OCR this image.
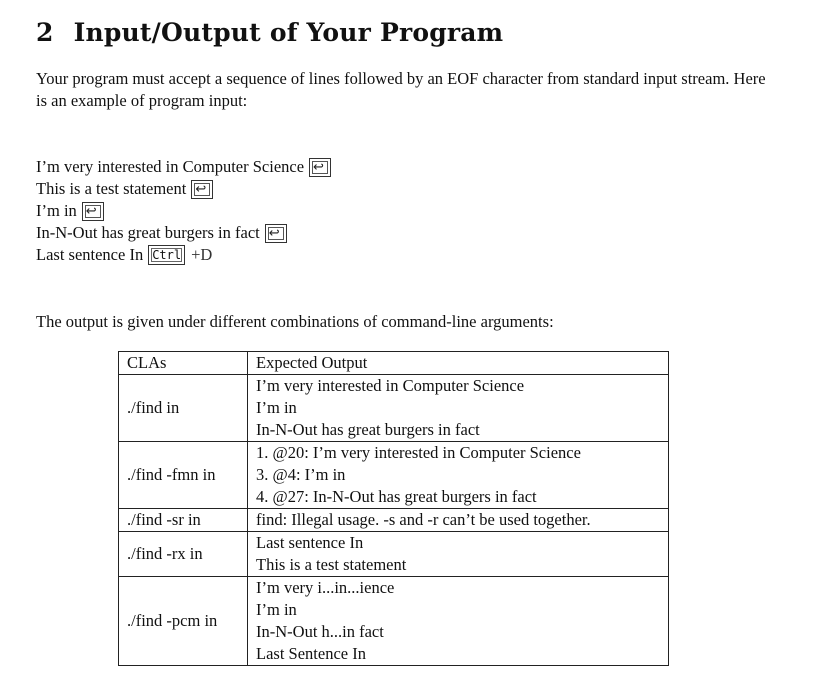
2 Input/Output of Your Program
Your program must accept a sequence of lines followed by an EOF character from standard input stream. Here is an example of program input:
I’m very interested in Computer Science ↩
This is a test statement ↩
I’m in ↩
In-N-Out has great burgers in fact ↩
Last sentence In Ctrl +D
The output is given under different combinations of command-line arguments:
CLAs	Expected Output
./find in	I’m very interested in Computer Science
I’m in
In-N-Out has great burgers in fact

./find -fmn in	1. @20: I’m very interested in Computer Science
3. @4: I’m in
4. @27: In-N-Out has great burgers in fact

./find -sr in	find: Illegal usage. -s and -r can’t be used together.

./find -rx in	Last sentence In
This is a test statement

./find -pcm in	I’m very i...in...ience
I’m in
In-N-Out h...in fact
Last Sentence In
